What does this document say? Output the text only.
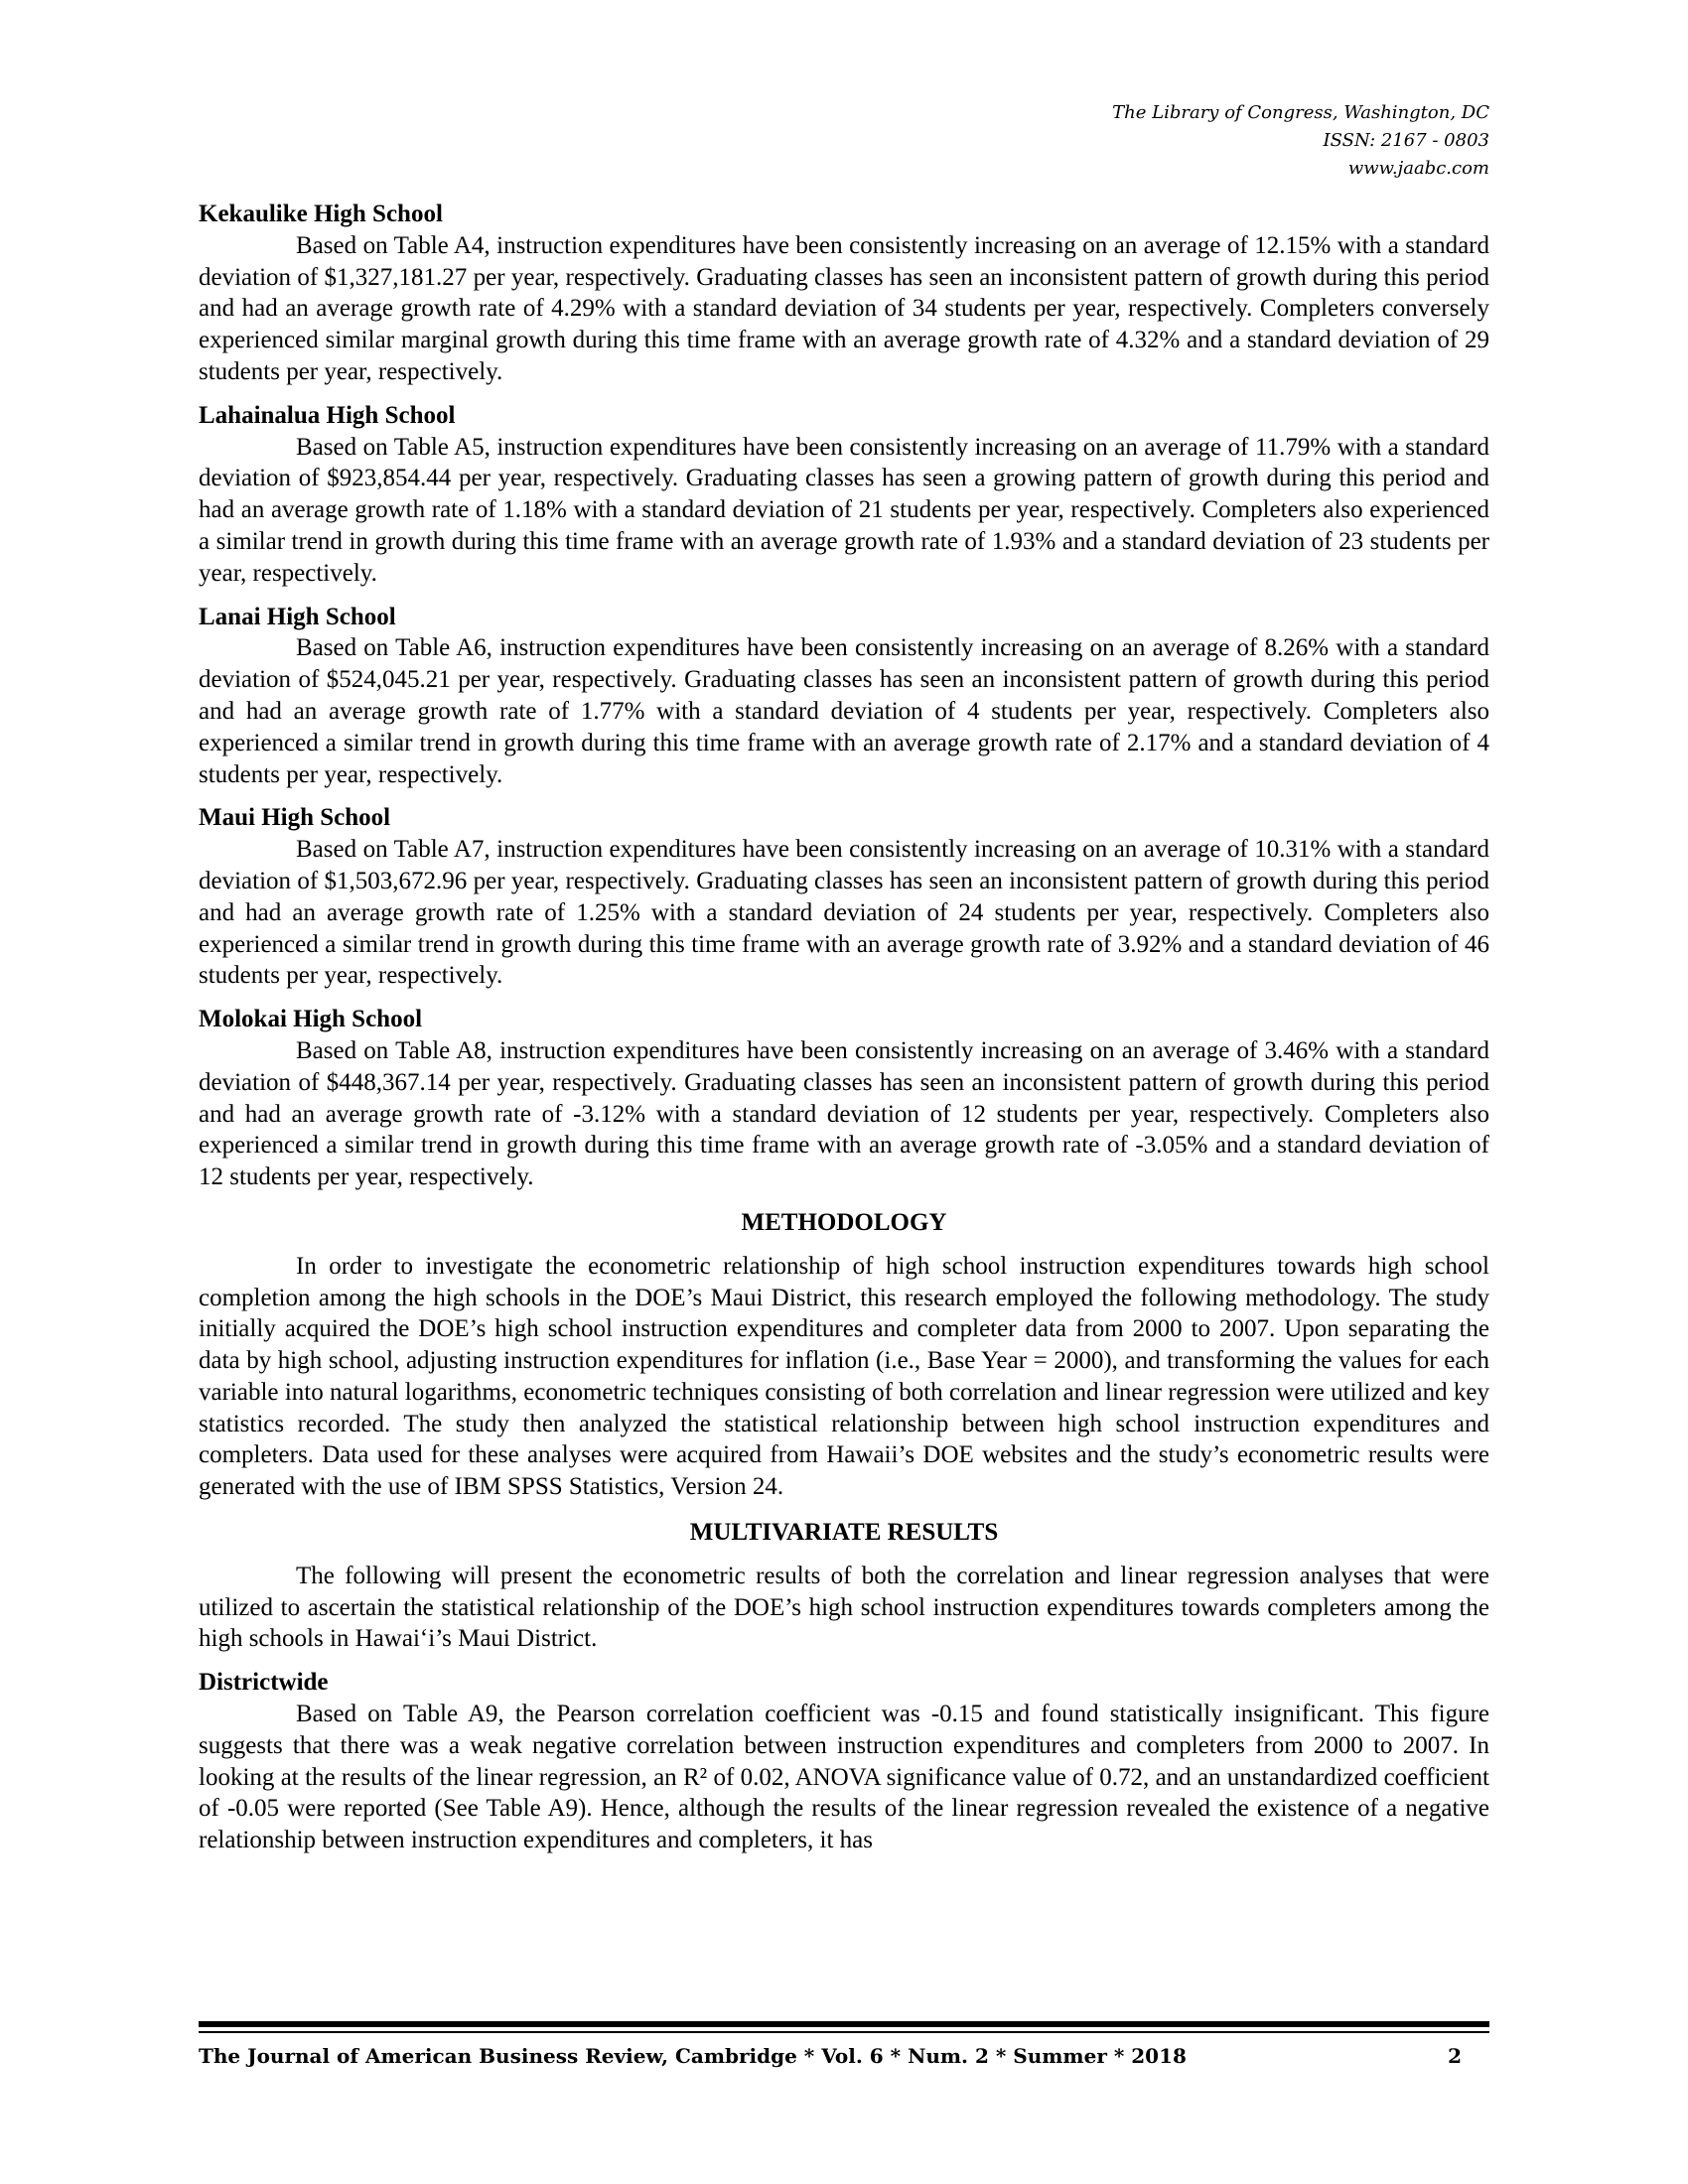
The Library of Congress, Washington, DC
ISSN: 2167 - 0803
www.jaabc.com

Kekaulike High School

Based on Table A4, instruction expenditures have been consistently increasing on an average of 12.15% with a standard deviation of $1,327,181.27 per year, respectively. Graduating classes has seen an inconsistent pattern of growth during this period and had an average growth rate of 4.29% with a standard deviation of 34 students per year, respectively. Completers conversely experienced similar marginal growth during this time frame with an average growth rate of 4.32% and a standard deviation of 29 students per year, respectively.

Lahainalua High School

Based on Table A5, instruction expenditures have been consistently increasing on an average of 11.79% with a standard deviation of $923,854.44 per year, respectively. Graduating classes has seen a growing pattern of growth during this period and had an average growth rate of 1.18% with a standard deviation of 21 students per year, respectively. Completers also experienced a similar trend in growth during this time frame with an average growth rate of 1.93% and a standard deviation of 23 students per year, respectively.

Lanai High School

Based on Table A6, instruction expenditures have been consistently increasing on an average of 8.26% with a standard deviation of $524,045.21 per year, respectively. Graduating classes has seen an inconsistent pattern of growth during this period and had an average growth rate of 1.77% with a standard deviation of 4 students per year, respectively. Completers also experienced a similar trend in growth during this time frame with an average growth rate of 2.17% and a standard deviation of 4 students per year, respectively.

Maui High School

Based on Table A7, instruction expenditures have been consistently increasing on an average of 10.31% with a standard deviation of $1,503,672.96 per year, respectively. Graduating classes has seen an inconsistent pattern of growth during this period and had an average growth rate of 1.25% with a standard deviation of 24 students per year, respectively. Completers also experienced a similar trend in growth during this time frame with an average growth rate of 3.92% and a standard deviation of 46 students per year, respectively.

Molokai High School

Based on Table A8, instruction expenditures have been consistently increasing on an average of 3.46% with a standard deviation of $448,367.14 per year, respectively. Graduating classes has seen an inconsistent pattern of growth during this period and had an average growth rate of -3.12% with a standard deviation of 12 students per year, respectively. Completers also experienced a similar trend in growth during this time frame with an average growth rate of -3.05% and a standard deviation of 12 students per year, respectively.

METHODOLOGY

In order to investigate the econometric relationship of high school instruction expenditures towards high school completion among the high schools in the DOE’s Maui District, this research employed the following methodology. The study initially acquired the DOE’s high school instruction expenditures and completer data from 2000 to 2007. Upon separating the data by high school, adjusting instruction expenditures for inflation (i.e., Base Year = 2000), and transforming the values for each variable into natural logarithms, econometric techniques consisting of both correlation and linear regression were utilized and key statistics recorded. The study then analyzed the statistical relationship between high school instruction expenditures and completers. Data used for these analyses were acquired from Hawaii’s DOE websites and the study’s econometric results were generated with the use of IBM SPSS Statistics, Version 24.

MULTIVARIATE RESULTS

The following will present the econometric results of both the correlation and linear regression analyses that were utilized to ascertain the statistical relationship of the DOE’s high school instruction expenditures towards completers among the high schools in Hawai‘i’s Maui District.

Districtwide

Based on Table A9, the Pearson correlation coefficient was -0.15 and found statistically insignificant. This figure suggests that there was a weak negative correlation between instruction expenditures and completers from 2000 to 2007. In looking at the results of the linear regression, an R² of 0.02, ANOVA significance value of 0.72, and an unstandardized coefficient of -0.05 were reported (See Table A9). Hence, although the results of the linear regression revealed the existence of a negative relationship between instruction expenditures and completers, it has

The Journal of American Business Review, Cambridge * Vol. 6 * Num. 2 * Summer * 2018	2
